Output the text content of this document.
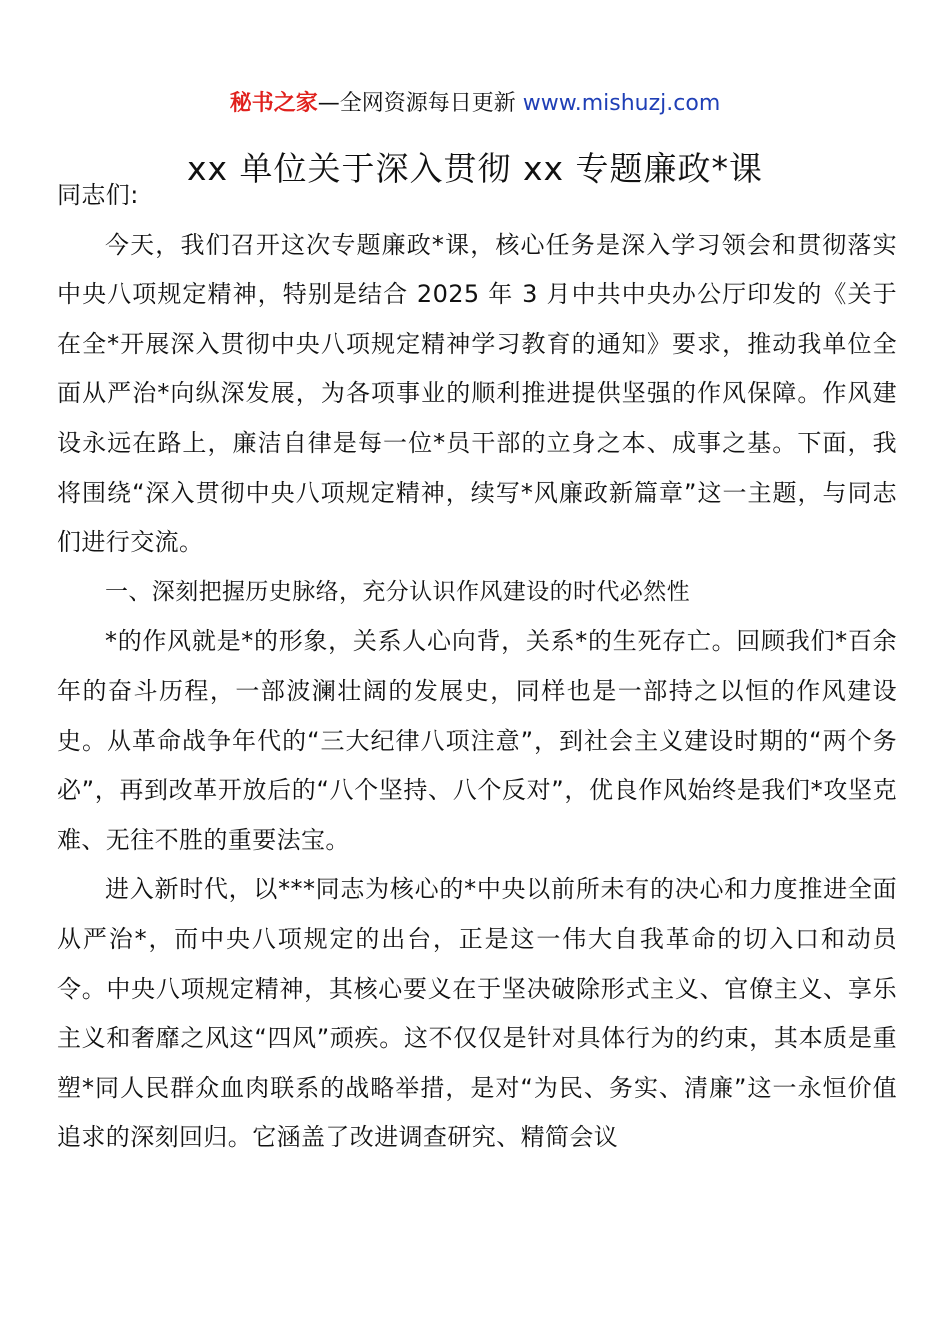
秘书之家—全网资源每日更新 www.mishuzj.com
xx 单位关于深入贯彻 xx 专题廉政*课

同志们:

今天，我们召开这次专题廉政*课，核心任务是深入学习领会和贯彻落实中央八项规定精神，特别是结合 2025 年 3 月中共中央办公厅印发的《关于在全*开展深入贯彻中央八项规定精神学习教育的通知》要求，推动我单位全面从严治*向纵深发展，为各项事业的顺利推进提供坚强的作风保障。作风建设永远在路上，廉洁自律是每一位*员干部的立身之本、成事之基。下面，我将围绕“深入贯彻中央八项规定精神，续写*风廉政新篇章”这一主题，与同志们进行交流。

一、深刻把握历史脉络，充分认识作风建设的时代必然性

*的作风就是*的形象，关系人心向背，关系*的生死存亡。回顾我们*百余年的奋斗历程，一部波澜壮阔的发展史，同样也是一部持之以恒的作风建设史。从革命战争年代的“三大纪律八项注意”，到社会主义建设时期的“两个务必”，再到改革开放后的“八个坚持、八个反对”，优良作风始终是我们*攻坚克难、无往不胜的重要法宝。

进入新时代，以***同志为核心的*中央以前所未有的决心和力度推进全面从严治*，而中央八项规定的出台，正是这一伟大自我革命的切入口和动员令。中央八项规定精神，其核心要义在于坚决破除形式主义、官僚主义、享乐主义和奢靡之风这“四风”顽疾。这不仅仅是针对具体行为的约束，其本质是重塑*同人民群众血肉联系的战略举措，是对“为民、务实、清廉”这一永恒价值追求的深刻回归。它涵盖了改进调查研究、精简会议
